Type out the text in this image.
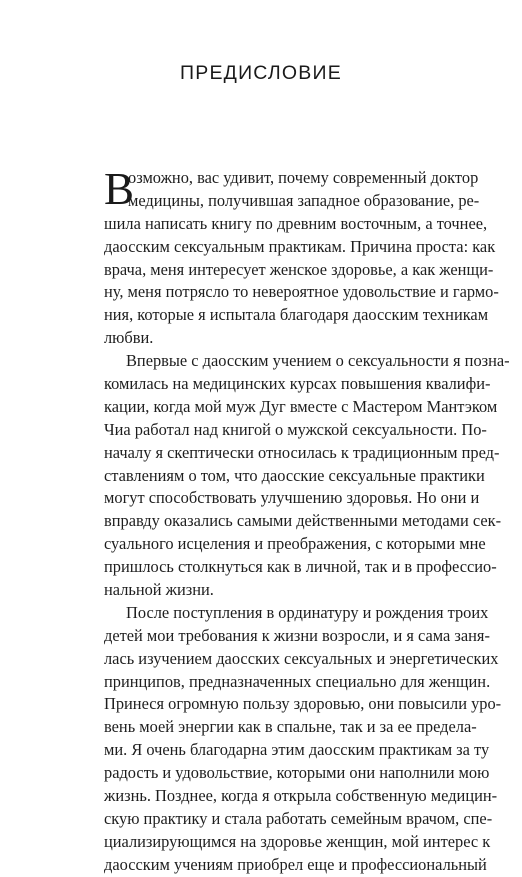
ПРЕДИСЛОВИЕ
В
озможно, вас удивит, почему современный доктор
медицины, получившая западное образование, ре-
шила написать книгу по древним восточным, а точнее,
даосским сексуальным практикам. Причина проста: как
врача, меня интересует женское здоровье, а как женщи-
ну, меня потрясло то невероятное удовольствие и гармо-
ния, которые я испытала благодаря даосским техникам
любви.
Впервые с даосским учением о сексуальности я позна-
комилась на медицинских курсах повышения квалифи-
кации, когда мой муж Дуг вместе с Мастером Мантэком
Чиа работал над книгой о мужской сексуальности. По-
началу я скептически относилась к традиционным пред-
ставлениям о том, что даосские сексуальные практики
могут способствовать улучшению здоровья. Но они и
вправду оказались самыми действенными методами сек-
суального исцеления и преображения, с которыми мне
пришлось столкнуться как в личной, так и в профессио-
нальной жизни.
После поступления в ординатуру и рождения троих
детей мои требования к жизни возросли, и я сама заня-
лась изучением даосских сексуальных и энергетических
принципов, предназначенных специально для женщин.
Принеся огромную пользу здоровью, они повысили уро-
вень моей энергии как в спальне, так и за ее предела-
ми. Я очень благодарна этим даосским практикам за ту
радость и удовольствие, которыми они наполнили мою
жизнь. Позднее, когда я открыла собственную медицин-
скую практику и стала работать семейным врачом, спе-
циализирующимся на здоровье женщин, мой интерес к
даосским учениям приобрел еще и профессиональный
